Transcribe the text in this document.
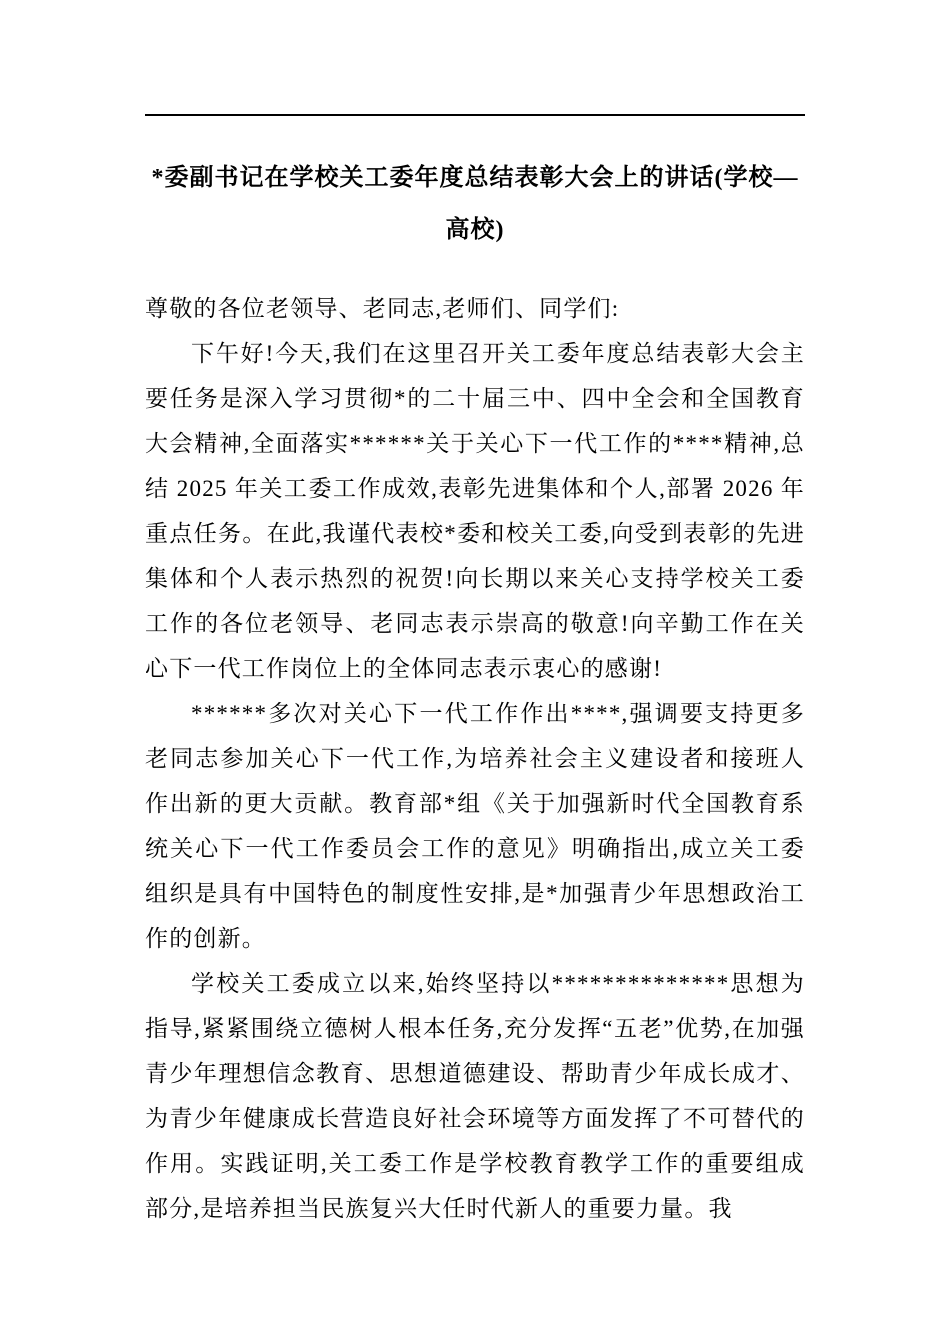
*委副书记在学校关工委年度总结表彰大会上的讲话(学校—高校)

尊敬的各位老领导、老同志,老师们、同学们:

下午好!今天,我们在这里召开关工委年度总结表彰大会主要任务是深入学习贯彻*的二十届三中、四中全会和全国教育大会精神,全面落实******关于关心下一代工作的****精神,总结 2025 年关工委工作成效,表彰先进集体和个人,部署 2026 年重点任务。在此,我谨代表校*委和校关工委,向受到表彰的先进集体和个人表示热烈的祝贺!向长期以来关心支持学校关工委工作的各位老领导、老同志表示崇高的敬意!向辛勤工作在关心下一代工作岗位上的全体同志表示衷心的感谢!

******多次对关心下一代工作作出****,强调要支持更多老同志参加关心下一代工作,为培养社会主义建设者和接班人作出新的更大贡献。教育部*组《关于加强新时代全国教育系统关心下一代工作委员会工作的意见》明确指出,成立关工委组织是具有中国特色的制度性安排,是*加强青少年思想政治工作的创新。

学校关工委成立以来,始终坚持以**************思想为指导,紧紧围绕立德树人根本任务,充分发挥“五老”优势,在加强青少年理想信念教育、思想道德建设、帮助青少年成长成才、为青少年健康成长营造良好社会环境等方面发挥了不可替代的作用。实践证明,关工委工作是学校教育教学工作的重要组成部分,是培养担当民族复兴大任时代新人的重要力量。我
